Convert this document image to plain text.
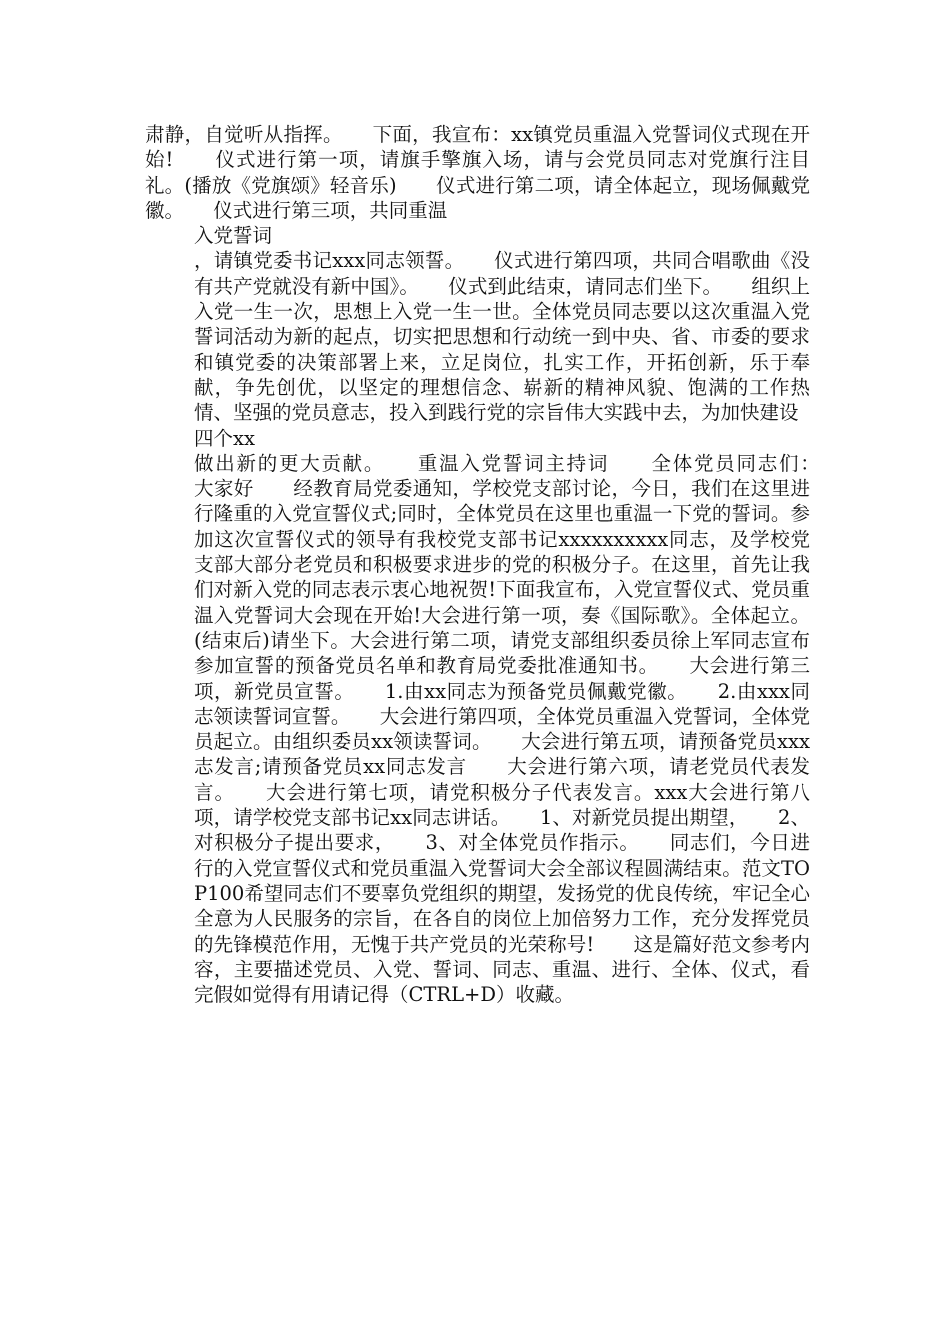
肃静，自觉听从指挥。　　下面，我宣布：xx镇党员重温入党誓词仪式现在开始!　　仪式进行第一项，请旗手擎旗入场，请与会党员同志对党旗行注目礼。(播放《党旗颂》轻音乐)　　仪式进行第二项，请全体起立，现场佩戴党徽。　　仪式进行第三项，共同重温

入党誓词

，请镇党委书记xxx同志领誓。　　仪式进行第四项，共同合唱歌曲《没有共产党就没有新中国》。　　仪式到此结束，请同志们坐下。　　组织上入党一生一次，思想上入党一生一世。全体党员同志要以这次重温入党誓词活动为新的起点，切实把思想和行动统一到中央、省、市委的要求和镇党委的决策部署上来，立足岗位，扎实工作，开拓创新，乐于奉献，争先创优，以坚定的理想信念、崭新的精神风貌、饱满的工作热情、坚强的党员意志，投入到践行党的宗旨伟大实践中去，为加快建设

四个xx

做出新的更大贡献。　　重温入党誓词主持词　　全体党员同志们：　　大家好　　经教育局党委通知，学校党支部讨论，今日，我们在这里进行隆重的入党宣誓仪式;同时，全体党员在这里也重温一下党的誓词。参加这次宣誓仪式的领导有我校党支部书记xxxxxxxxxx同志，及学校党支部大部分老党员和积极要求进步的党的积极分子。在这里，首先让我们对新入党的同志表示衷心地祝贺!下面我宣布，入党宣誓仪式、党员重温入党誓词大会现在开始!大会进行第一项，奏《国际歌》。全体起立。(结束后)请坐下。大会进行第二项，请党支部组织委员徐上军同志宣布参加宣誓的预备党员名单和教育局党委批准通知书。　　大会进行第三项，新党员宣誓。　　1.由xx同志为预备党员佩戴党徽。　　2.由xxx同志领读誓词宣誓。　　大会进行第四项，全体党员重温入党誓词，全体党员起立。由组织委员xx领读誓词。　　大会进行第五项，请预备党员xxx志发言;请预备党员xx同志发言　　大会进行第六项，请老党员代表发言。　　大会进行第七项，请党积极分子代表发言。xxx大会进行第八项，请学校党支部书记xx同志讲话。　　1、对新党员提出期望，　　2、对积极分子提出要求，　　3、对全体党员作指示。　　同志们，今日进行的入党宣誓仪式和党员重温入党誓词大会全部议程圆满结束。范文TOP100希望同志们不要辜负党组织的期望，发扬党的优良传统，牢记全心全意为人民服务的宗旨，在各自的岗位上加倍努力工作，充分发挥党员的先锋模范作用，无愧于共产党员的光荣称号!　　这是篇好范文参考内容，主要描述党员、入党、誓词、同志、重温、进行、全体、仪式，看完假如觉得有用请记得（CTRL+D）收藏。
